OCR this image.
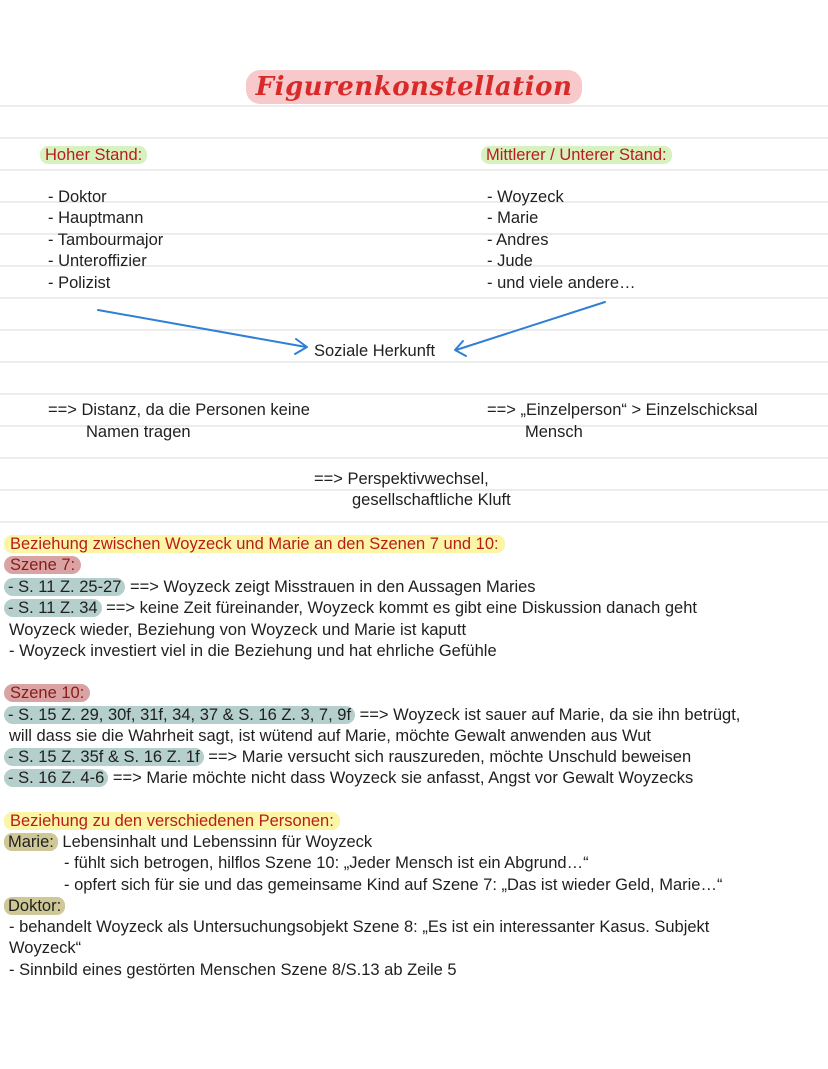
Figurenkonstellation
Hoher Stand:	Mittlerer / Unterer Stand:
- Doktor
- Hauptmann
- Tambourmajor
- Unteroffizier
- Polizist
- Woyzeck
- Marie
- Andres
- Jude
- und viele andere…
Soziale Herkunft
==> Distanz, da die Personen keine
Namen tragen
==> „Einzelperson“ > Einzelschicksal
Mensch
==> Perspektivwechsel,
gesellschaftliche Kluft
Beziehung zwischen Woyzeck und Marie an den Szenen 7 und 10:
Szene 7:
- S. 11 Z. 25-27 ==> Woyzeck zeigt Misstrauen in den Aussagen Maries
- S. 11 Z. 34 ==> keine Zeit füreinander, Woyzeck kommt es gibt eine Diskussion danach geht
Woyzeck wieder, Beziehung von Woyzeck und Marie ist kaputt
- Woyzeck investiert viel in die Beziehung und hat ehrliche Gefühle
Szene 10:
- S. 15 Z. 29, 30f, 31f, 34, 37 & S. 16 Z. 3, 7, 9f ==> Woyzeck ist sauer auf Marie, da sie ihn betrügt,
will dass sie die Wahrheit sagt, ist wütend auf Marie, möchte Gewalt anwenden aus Wut
- S. 15 Z. 35f & S. 16 Z. 1f ==> Marie versucht sich rauszureden, möchte Unschuld beweisen
- S. 16 Z. 4-6 ==> Marie möchte nicht dass Woyzeck sie anfasst, Angst vor Gewalt Woyzecks
Beziehung zu den verschiedenen Personen:
Marie: Lebensinhalt und Lebenssinn für Woyzeck
- fühlt sich betrogen, hilflos Szene 10: „Jeder Mensch ist ein Abgrund…“
- opfert sich für sie und das gemeinsame Kind auf Szene 7: „Das ist wieder Geld, Marie…“
Doktor:
- behandelt Woyzeck als Untersuchungsobjekt Szene 8: „Es ist ein interessanter Kasus. Subjekt
Woyzeck“
- Sinnbild eines gestörten Menschen Szene 8/S.13 ab Zeile 5
